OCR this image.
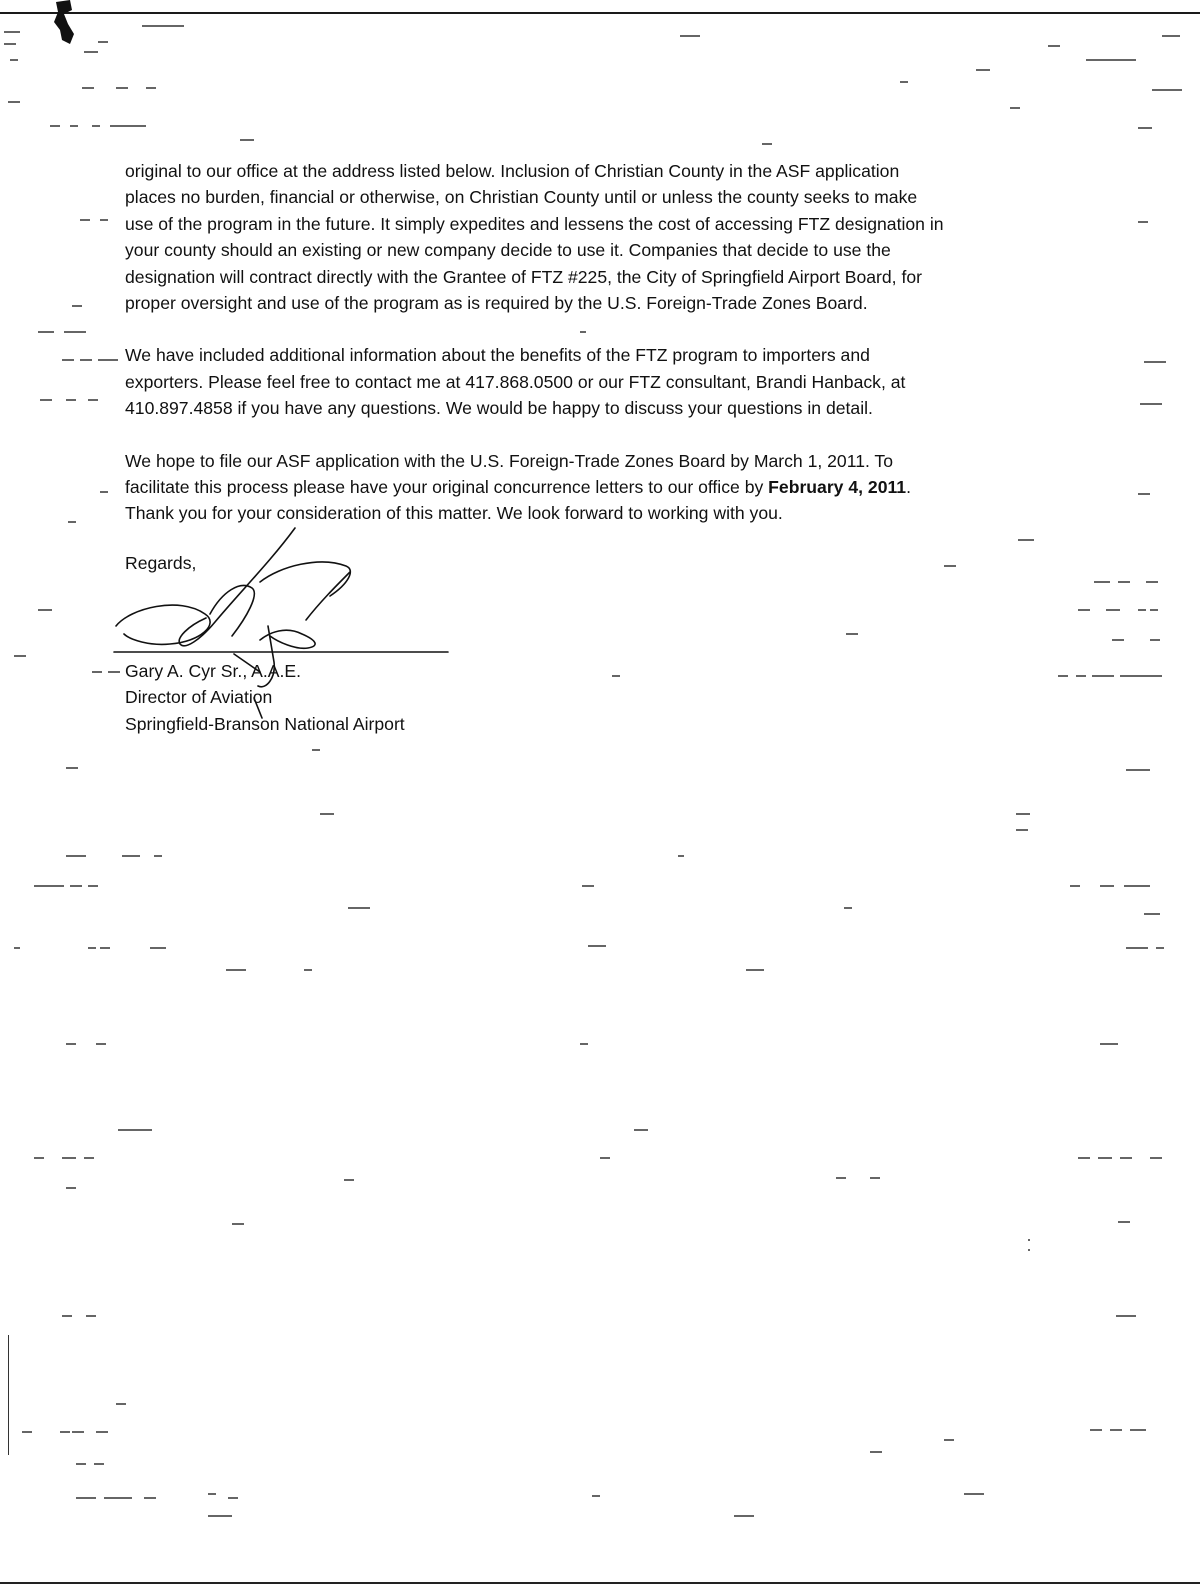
original to our office at the address listed below. Inclusion of Christian County in the ASF application
places no burden, financial or otherwise, on Christian County until or unless the county seeks to make
use of the program in the future. It simply expedites and lessens the cost of accessing FTZ designation in
your county should an existing or new company decide to use it. Companies that decide to use the
designation will contract directly with the Grantee of FTZ #225, the City of Springfield Airport Board, for
proper oversight and use of the program as is required by the U.S. Foreign-Trade Zones Board.

We have included additional information about the benefits of the FTZ program to importers and
exporters. Please feel free to contact me at 417.868.0500 or our FTZ consultant, Brandi Hanback, at
410.897.4858 if you have any questions. We would be happy to discuss your questions in detail.

We hope to file our ASF application with the U.S. Foreign-Trade Zones Board by March 1, 2011. To
facilitate this process please have your original concurrence letters to our office by February 4, 2011.
Thank you for your consideration of this matter. We look forward to working with you.

Regards,
Gary A. Cyr Sr., A.A.E.
Director of Aviation
Springfield-Branson National Airport
